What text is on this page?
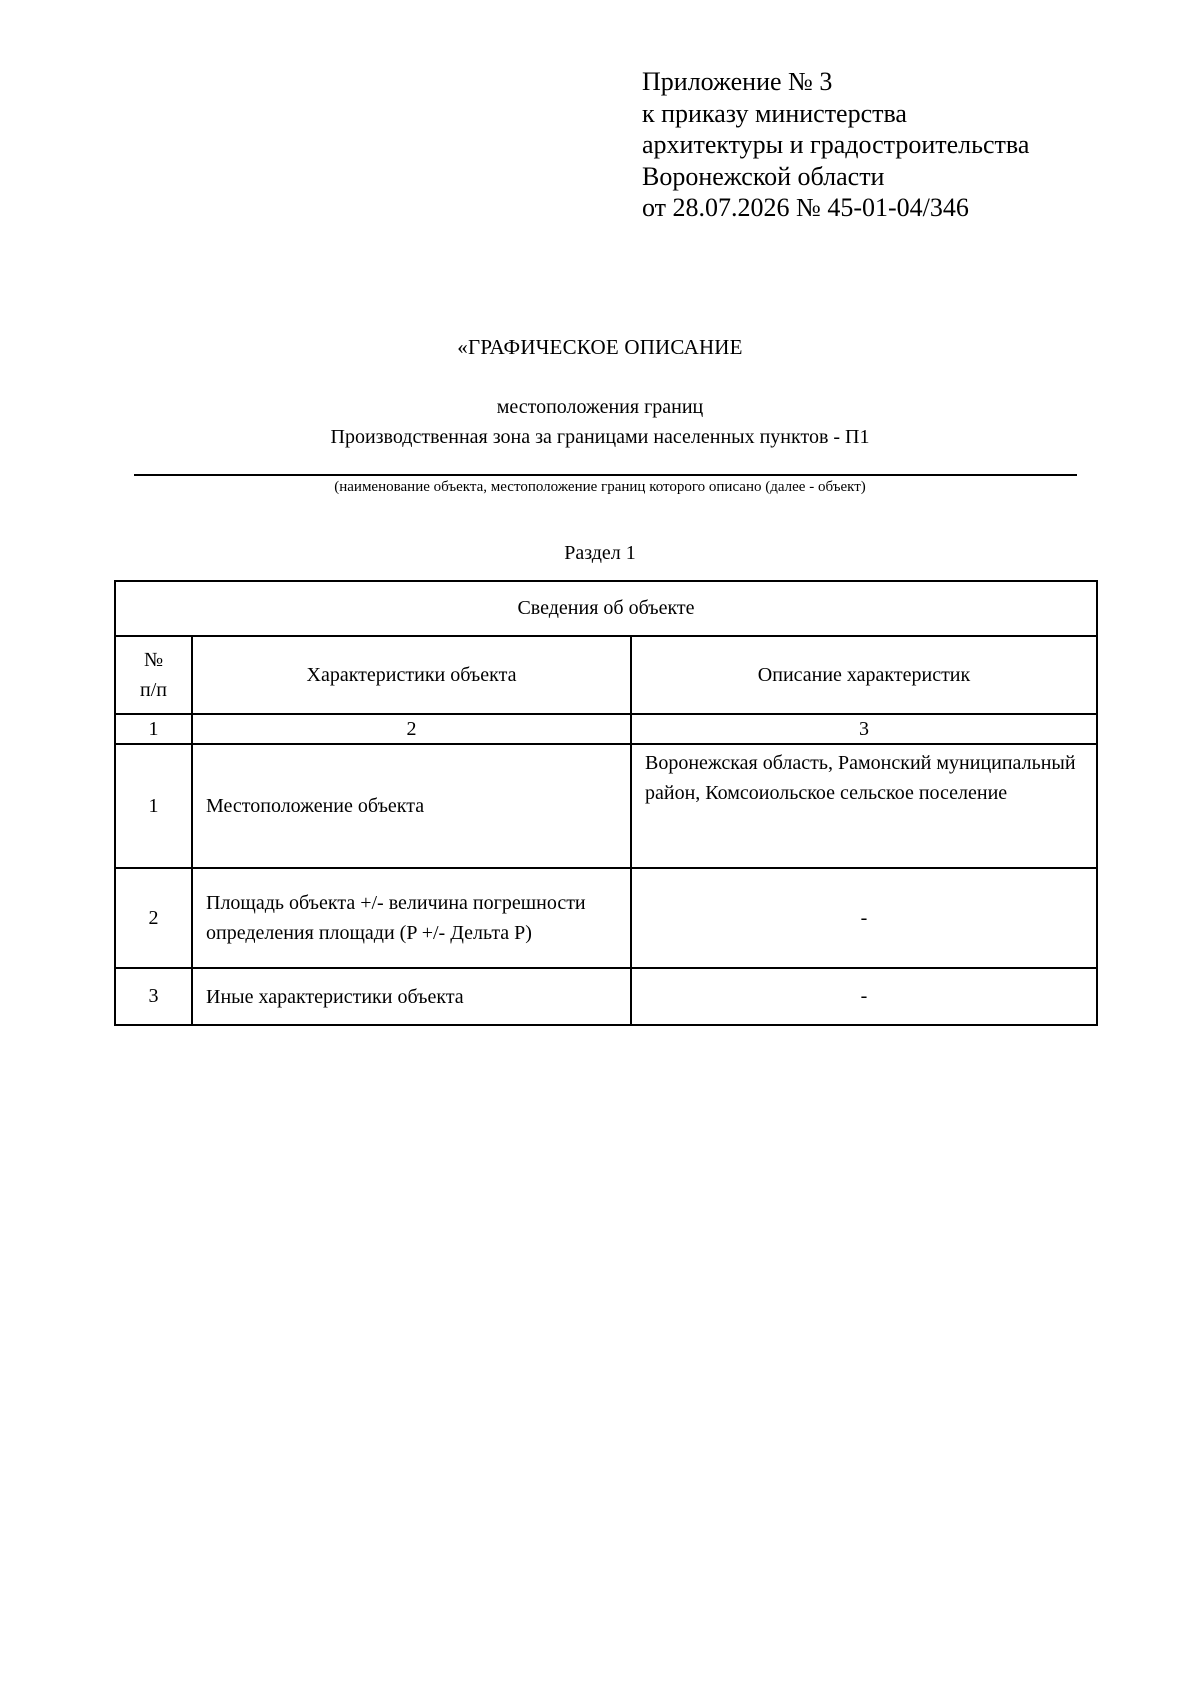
Приложение № 3
к приказу министерства
архитектуры и градостроительства
Воронежской области
от 28.07.2026 № 45-01-04/346
«ГРАФИЧЕСКОЕ ОПИСАНИЕ
местоположения границ
Производственная зона за границами населенных пунктов - П1
(наименование объекта, местоположение границ которого описано (далее - объект)
Раздел 1
Сведения об объекте		
№ п/п	Характеристики объекта	Описание характеристик
1	2	3
1	Местоположение объекта	Воронежская область, Рамонский муниципальный район, Комсоиольское сельское поселение
2	Площадь объекта +/- величина погрешности определения площади (P +/- Дельта P)	-
3	Иные характеристики объекта	-
